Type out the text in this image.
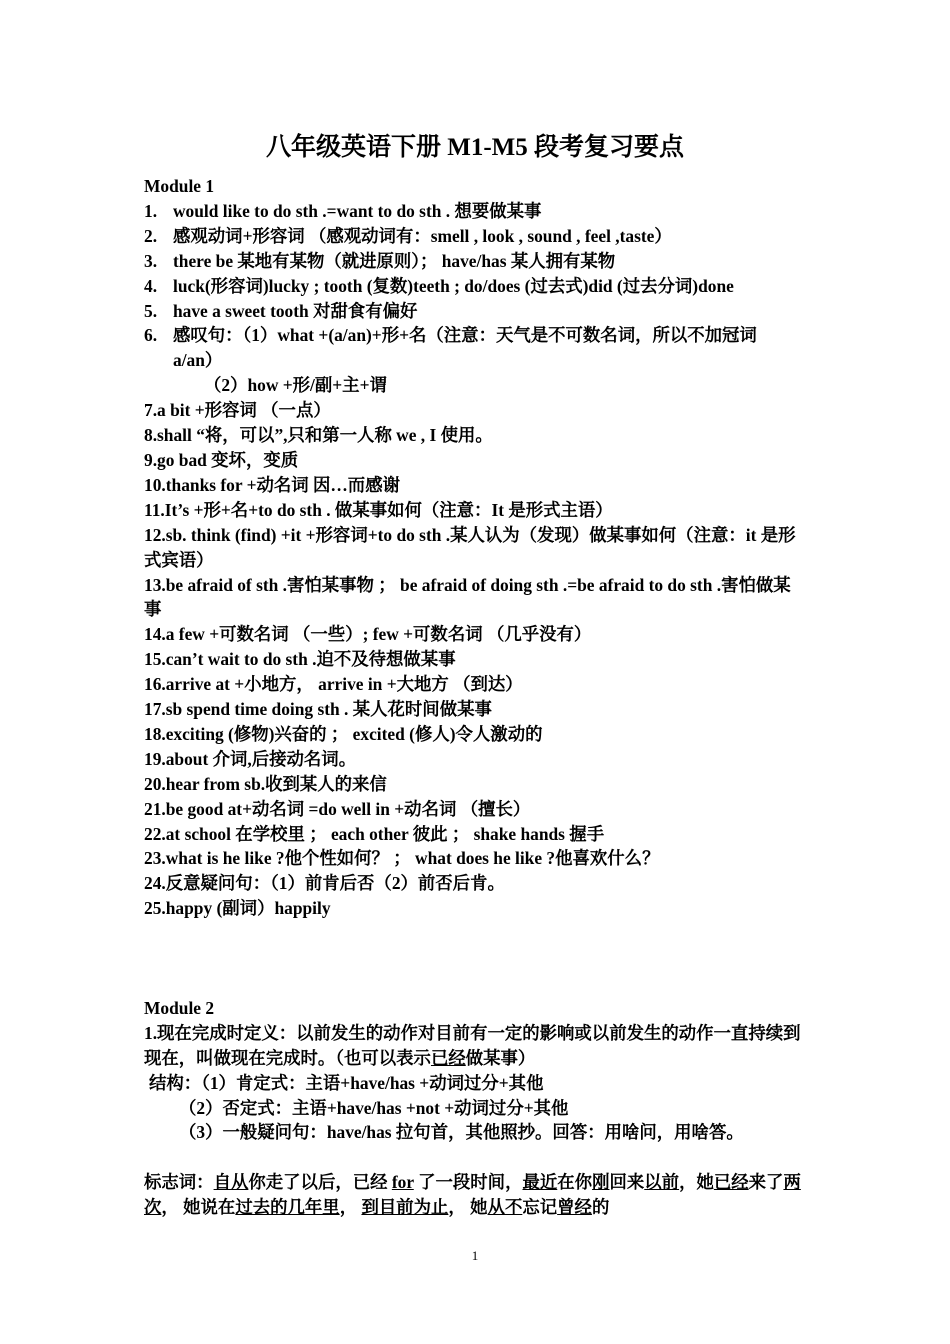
八年级英语下册 M1-M5 段考复习要点
Module 1
1. would like to do sth .=want to do sth . 想要做某事
2. 感观动词+形容词 （感观动词有：smell , look , sound , feel ,taste）
3. there be 某地有某物（就进原则）； have/has 某人拥有某物
4. luck(形容词)lucky ; tooth (复数)teeth ; do/does (过去式)did (过去分词)done
5. have a sweet tooth 对甜食有偏好
6. 感叹句：（1）what +(a/an)+形+名（注意：天气是不可数名词，所以不加冠词
a/an）
（2）how +形/副+主+谓
7.a bit +形容词 （一点）
8.shall “将，可以”,只和第一人称 we , I 使用。
9.go bad 变坏，变质
10.thanks for +动名词 因…而感谢
11.It’s +形+名+to do sth . 做某事如何（注意：It 是形式主语）
12.sb. think (find) +it +形容词+to do sth .某人认为（发现）做某事如何（注意：it 是形式宾语）
13.be afraid of sth .害怕某事物 ； be afraid of doing sth .=be afraid to do sth .害怕做某事
14.a few +可数名词 （一些）; few +可数名词 （几乎没有）
15.can’t wait to do sth .迫不及待想做某事
16.arrive at +小地方， arrive in +大地方 （到达）
17.sb spend time doing sth . 某人花时间做某事
18.exciting (修物)兴奋的 ； excited (修人)令人激动的
19.about 介词,后接动名词。
20.hear from sb.收到某人的来信
21.be good at+动名词 =do well in +动名词 （擅长）
22.at school 在学校里 ； each other 彼此 ； shake hands 握手
23.what is he like ?他个性如何？ ； what does he like ?他喜欢什么？
24.反意疑问句：（1）前肯后否（2）前否后肯。
25.happy (副词）happily
Module 2
1.现在完成时定义：以前发生的动作对目前有一定的影响或以前发生的动作一直持续到现在，叫做现在完成时。（也可以表示已经做某事）
结构：（1）肯定式：主语+have/has +动词过分+其他
（2）否定式：主语+have/has +not +动词过分+其他
（3）一般疑问句：have/has 拉句首，其他照抄。回答：用啥问，用啥答。
标志词：自从你走了以后，已经 for 了一段时间，最近在你刚回来以前，她已经来了两次， 她说在过去的几年里， 到目前为止， 她从不忘记曾经的
1
